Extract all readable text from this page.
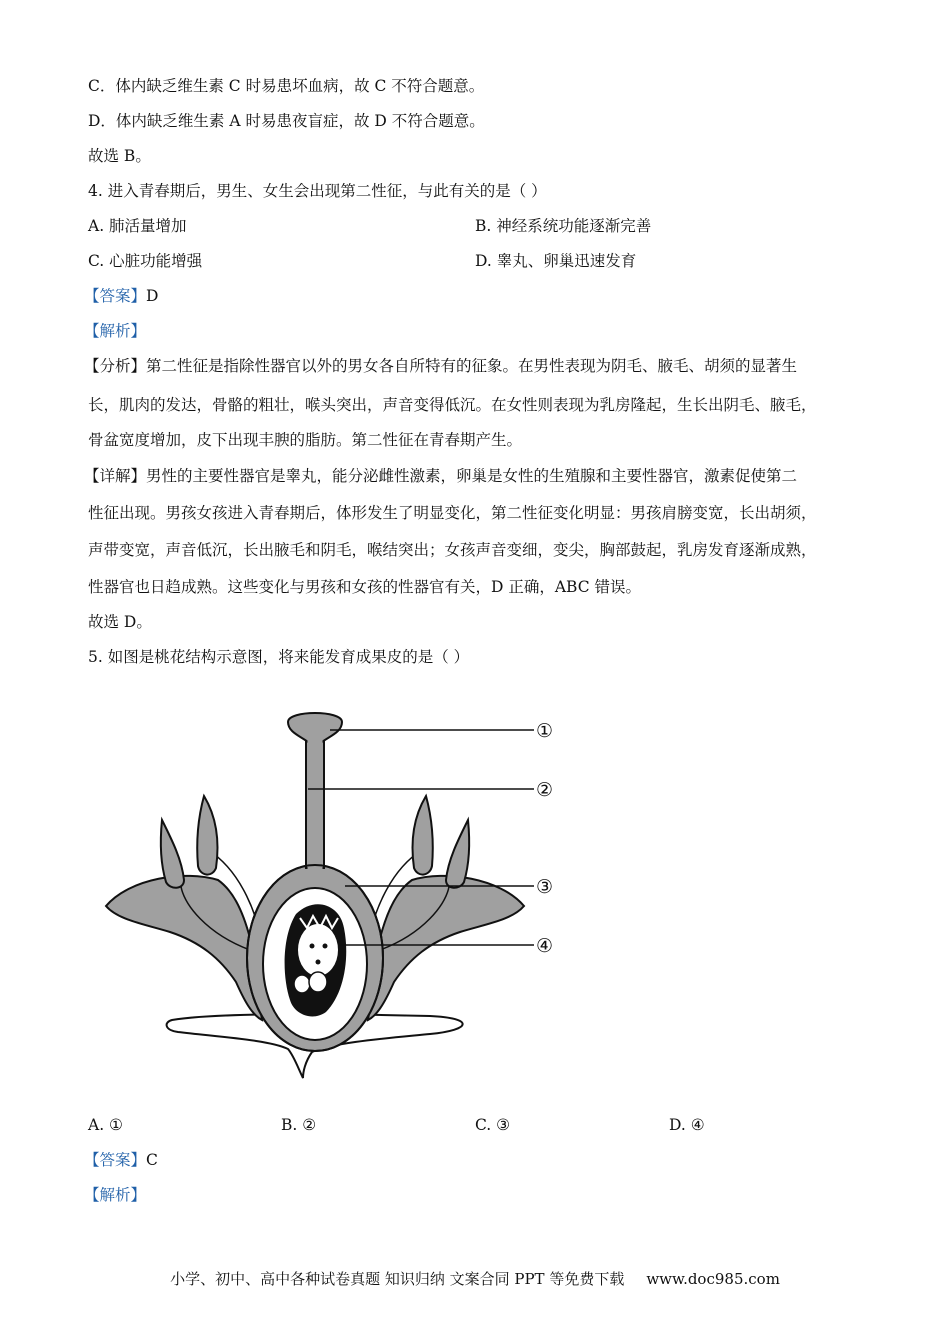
C．体内缺乏维生素 C 时易患坏血病，故 C 不符合题意。
D．体内缺乏维生素 A 时易患夜盲症，故 D 不符合题意。
故选 B。
4. 进入青春期后，男生、女生会出现第二性征，与此有关的是（ ）
A. 肺活量增加	B. 神经系统功能逐渐完善
C. 心脏功能增强	D. 睾丸、卵巢迅速发育
【答案】D
【解析】
【分析】第二性征是指除性器官以外的男女各自所特有的征象。在男性表现为阴毛、腋毛、胡须的显著生
长，肌肉的发达，骨骼的粗壮，喉头突出，声音变得低沉。在女性则表现为乳房隆起，生长出阴毛、腋毛，
骨盆宽度增加，皮下出现丰腴的脂肪。第二性征在青春期产生。
【详解】男性的主要性器官是睾丸，能分泌雌性激素，卵巢是女性的生殖腺和主要性器官，激素促使第二
性征出现。男孩女孩进入青春期后，体形发生了明显变化，第二性征变化明显：男孩肩膀变宽，长出胡须，
声带变宽，声音低沉，长出腋毛和阴毛，喉结突出；女孩声音变细，变尖，胸部鼓起，乳房发育逐渐成熟，
性器官也日趋成熟。这些变化与男孩和女孩的性器官有关，D 正确，ABC 错误。
故选 D。
5. 如图是桃花结构示意图，将来能发育成果皮的是（ ）
①
②
③
④
A. ①	B. ②	C. ③	D. ④
【答案】C
【解析】
小学、初中、高中各种试卷真题 知识归纳 文案合同 PPT 等免费下载 www.doc985.com
